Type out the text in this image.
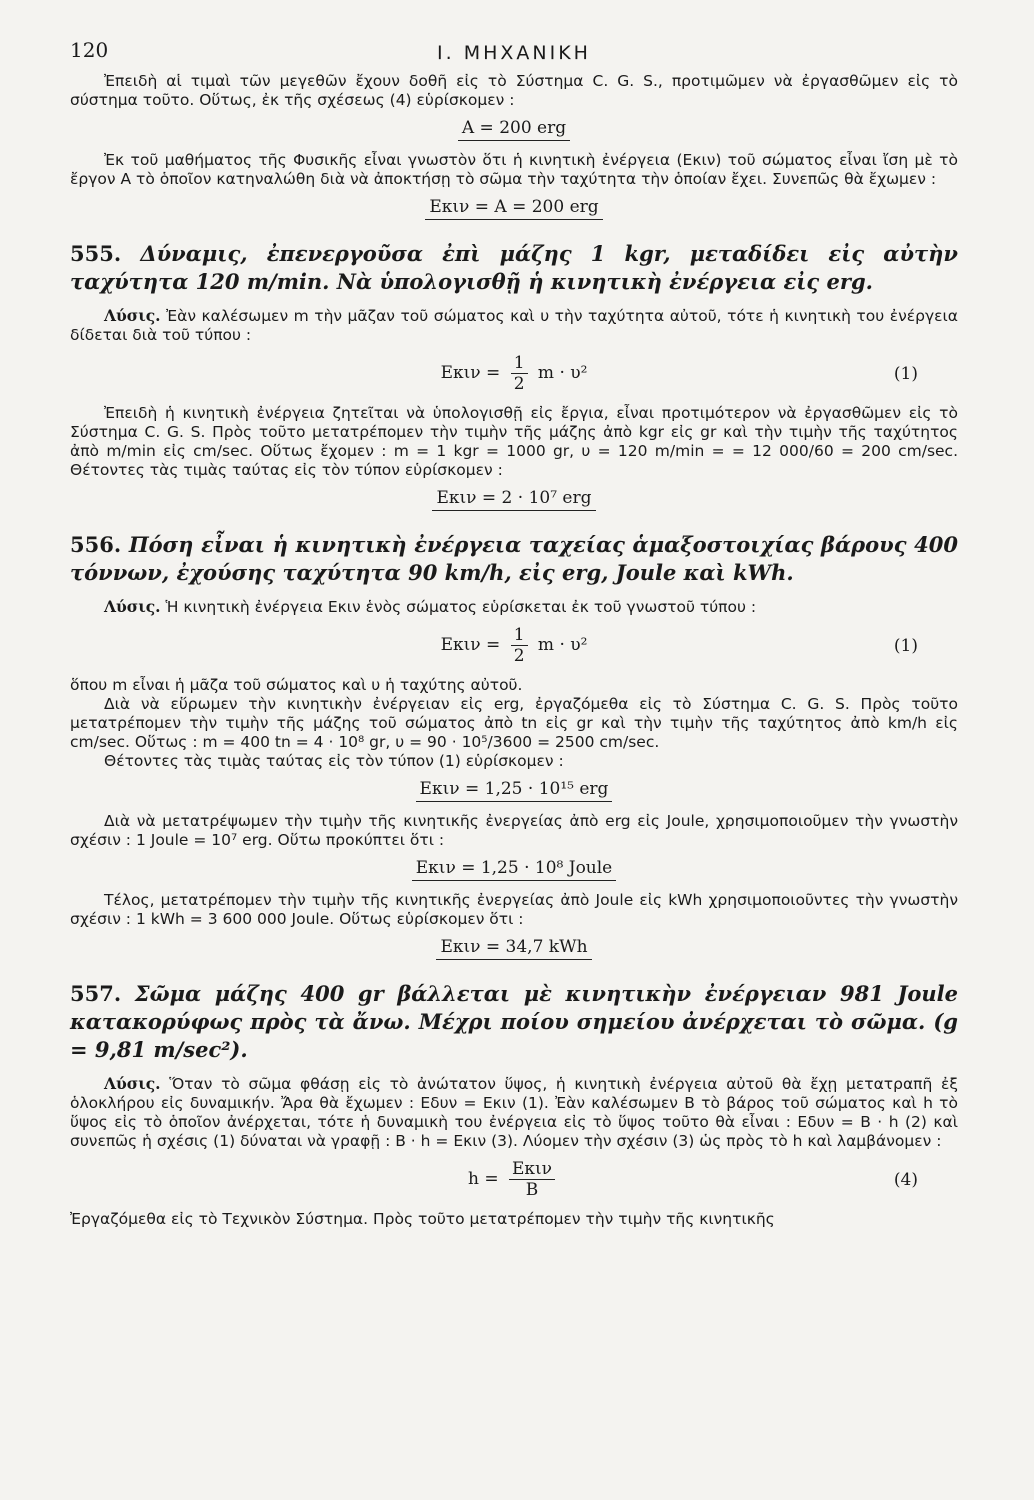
120	Ι. ΜΗΧΑΝΙΚΗ

Ἐπειδὴ αἱ τιμαὶ τῶν μεγεθῶν ἔχουν δοθῆ εἰς τὸ Σύστημα C. G. S., προτιμῶμεν νὰ ἐργασθῶμεν εἰς τὸ σύστημα τοῦτο. Οὕτως, ἐκ τῆς σχέσεως (4) εὑρίσκομεν :

A = 200 erg

Ἐκ τοῦ μαθήματος τῆς Φυσικῆς εἶναι γνωστὸν ὅτι ἡ κινητικὴ ἐνέργεια (Eκιν) τοῦ σώματος εἶναι ἴση μὲ τὸ ἔργον A τὸ ὁποῖον κατηναλώθη διὰ νὰ ἀποκτήσῃ τὸ σῶμα τὴν ταχύτητα τὴν ὁποίαν ἔχει. Συνεπῶς θὰ ἔχωμεν :

Eκιν = A = 200 erg
555. Δύναμις, ἐπενεργοῦσα ἐπὶ μάζης 1 kgr, μεταδίδει εἰς αὐτὴν ταχύτητα 120 m/min. Νὰ ὑπολογισθῇ ἡ κινητικὴ ἐνέργεια εἰς erg.

Λύσις. Ἐὰν καλέσωμεν m τὴν μᾶζαν τοῦ σώματος καὶ υ τὴν ταχύτητα αὐτοῦ, τότε ἡ κινητικὴ του ἐνέργεια δίδεται διὰ τοῦ τύπου :

$E\kappa\iota\nu = \frac{1}{2}$ m · υ²	(1)

Ἐπειδὴ ἡ κινητικὴ ἐνέργεια ζητεῖται νὰ ὑπολογισθῇ εἰς ἔργια, εἶναι προτιμότερον νὰ ἐργασθῶμεν εἰς τὸ Σύστημα C. G. S. Πρὸς τοῦτο μετατρέπομεν τὴν τιμὴν τῆς μάζης ἀπὸ kgr εἰς gr καὶ τὴν τιμὴν τῆς ταχύτητος ἀπὸ m/min εἰς cm/sec. Οὕτως ἔχομεν : m = 1 kgr = 1000 gr, υ = 120 m/min = = 12 000/60 = 200 cm/sec. Θέτοντες τὰς τιμὰς ταύτας εἰς τὸν τύπον εὑρίσκομεν :

Eκιν = 2 · 10⁷ erg
556. Πόση εἶναι ἡ κινητικὴ ἐνέργεια ταχείας ἁμαξοστοιχίας βάρους 400 τόννων, ἐχούσης ταχύτητα 90 km/h, εἰς erg, Joule καὶ kWh.

Λύσις. Ἡ κινητικὴ ἐνέργεια Eκιν ἑνὸς σώματος εὑρίσκεται ἐκ τοῦ γνωστοῦ τύπου :

$E\kappa\iota\nu = \frac{1}{2}$ m · υ²	(1)

ὅπου m εἶναι ἡ μᾶζα τοῦ σώματος καὶ υ ἡ ταχύτης αὐτοῦ.

Διὰ νὰ εὕρωμεν τὴν κινητικὴν ἐνέργειαν εἰς erg, ἐργαζόμεθα εἰς τὸ Σύστημα C. G. S. Πρὸς τοῦτο μετατρέπομεν τὴν τιμὴν τῆς μάζης τοῦ σώματος ἀπὸ tn εἰς gr καὶ τὴν τιμὴν τῆς ταχύτητος ἀπὸ km/h εἰς cm/sec. Οὕτως : m = 400 tn = 4 · 10⁸ gr, υ = 90 · 10⁵/3600 = 2500 cm/sec.

Θέτοντες τὰς τιμὰς ταύτας εἰς τὸν τύπον (1) εὑρίσκομεν :

Eκιν = 1,25 · 10¹⁵ erg

Διὰ νὰ μετατρέψωμεν τὴν τιμὴν τῆς κινητικῆς ἐνεργείας ἀπὸ erg εἰς Joule, χρησιμοποιοῦμεν τὴν γνωστὴν σχέσιν : 1 Joule = 10⁷ erg. Οὕτω προκύπτει ὅτι :

Eκιν = 1,25 · 10⁸ Joule

Τέλος, μετατρέπομεν τὴν τιμὴν τῆς κινητικῆς ἐνεργείας ἀπὸ Joule εἰς kWh χρησιμοποιοῦντες τὴν γνωστὴν σχέσιν : 1 kWh = 3 600 000 Joule. Οὕτως εὑρίσκομεν ὅτι :

Eκιν = 34,7 kWh
557. Σῶμα μάζης 400 gr βάλλεται μὲ κινητικὴν ἐνέργειαν 981 Joule κατακορύφως πρὸς τὰ ἄνω. Μέχρι ποίου σημείου ἀνέρχεται τὸ σῶμα. (g = 9,81 m/sec²).

Λύσις. Ὅταν τὸ σῶμα φθάσῃ εἰς τὸ ἀνώτατον ὕψος, ἡ κινητικὴ ἐνέργεια αὐτοῦ θὰ ἔχῃ μετατραπῆ ἐξ ὁλοκλήρου εἰς δυναμικήν. Ἄρα θὰ ἔχωμεν : Eδυν = Eκιν (1). Ἐὰν καλέσωμεν B τὸ βάρος τοῦ σώματος καὶ h τὸ ὕψος εἰς τὸ ὁποῖον ἀνέρχεται, τότε ἡ δυναμικὴ του ἐνέργεια εἰς τὸ ὕψος τοῦτο θὰ εἶναι : Eδυν = B · h (2) καὶ συνεπῶς ἡ σχέσις (1) δύναται νὰ γραφῇ : B · h = Eκιν (3). Λύομεν τὴν σχέσιν (3) ὡς πρὸς τὸ h καὶ λαμβάνομεν :

$h = \frac{\text{Eκιν}}{B}$	(4)

Ἐργαζόμεθα εἰς τὸ Τεχνικὸν Σύστημα. Πρὸς τοῦτο μετατρέπομεν τὴν τιμὴν τῆς κινητικῆς
